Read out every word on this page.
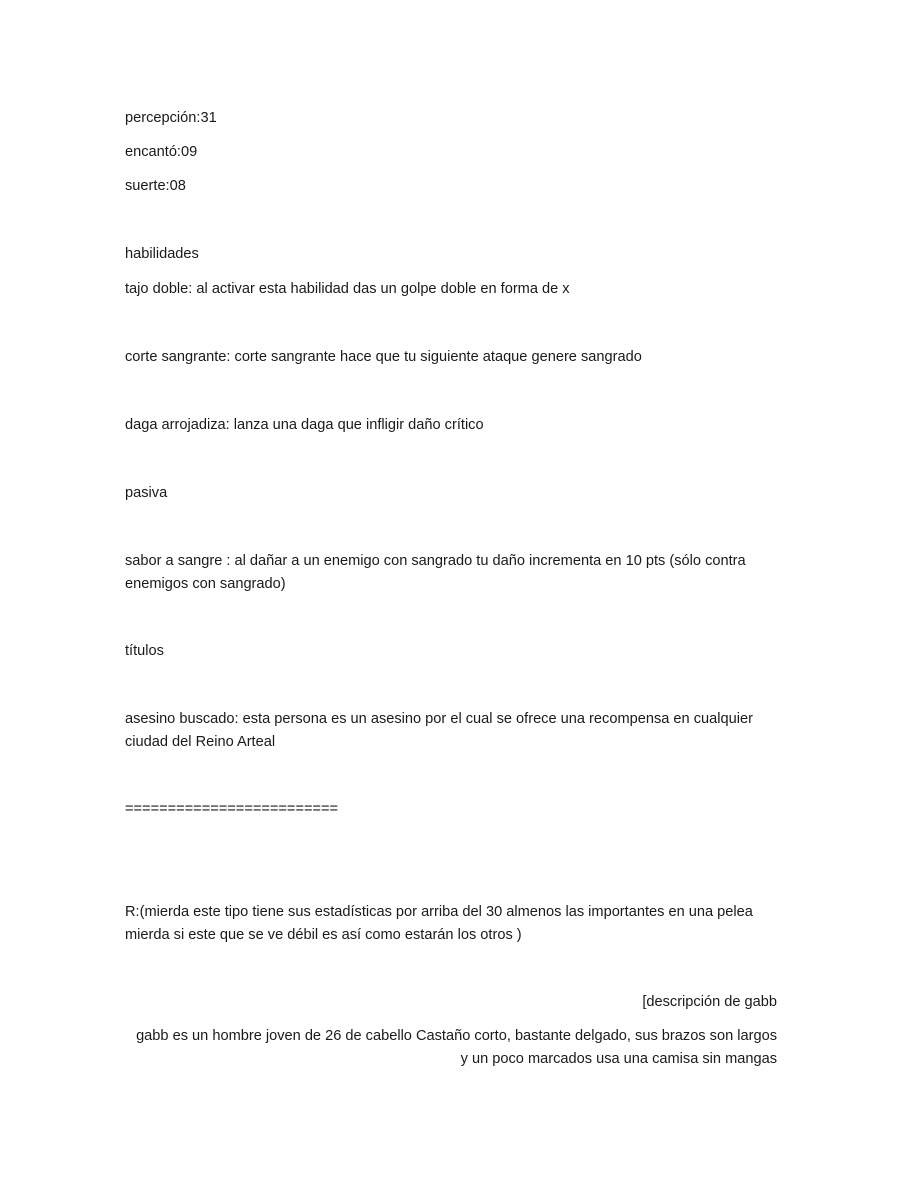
percepción:31
encantó:09
suerte:08
habilidades
tajo doble: al activar esta habilidad das un golpe doble en forma de x
corte sangrante: corte sangrante hace que tu siguiente ataque genere sangrado
daga arrojadiza: lanza una daga que infligir daño crítico
pasiva
sabor a sangre : al dañar a un enemigo con sangrado tu daño incrementa en 10 pts (sólo contra
enemigos con sangrado)
títulos
asesino buscado: esta persona es un asesino por el cual se ofrece una recompensa en cualquier
ciudad del Reino Arteal
=========================
R:(mierda este tipo tiene sus estadísticas por arriba del 30 almenos las importantes en una pelea
mierda si este que se ve débil es así como estarán los otros )
[descripción de gabb
gabb es un hombre joven de 26 de cabello Castaño corto, bastante delgado, sus brazos son largos
y un poco marcados usa una camisa sin mangas
